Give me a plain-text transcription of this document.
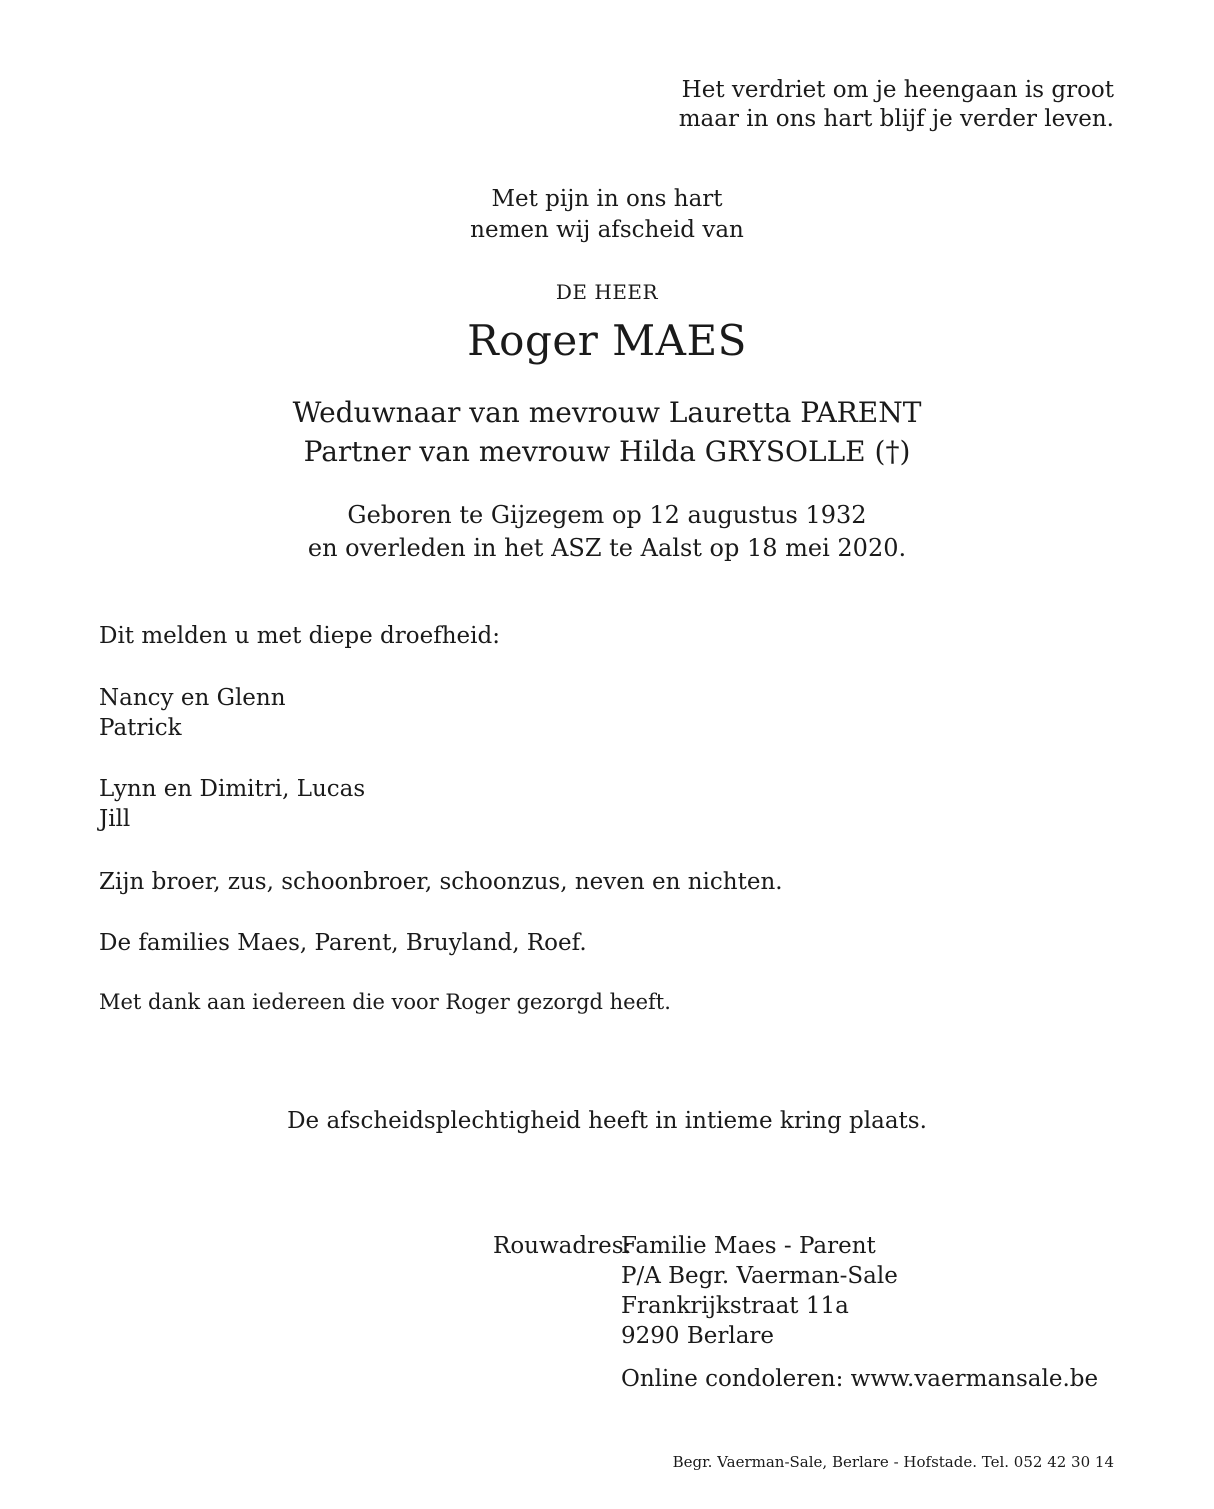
Het verdriet om je heengaan is groot
maar in ons hart blijf je verder leven.
Met pijn in ons hart
nemen wij afscheid van
DE HEER
Roger MAES
Weduwnaar van mevrouw Lauretta PARENT
Partner van mevrouw Hilda GRYSOLLE (†)
Geboren te Gijzegem op 12 augustus 1932
en overleden in het ASZ te Aalst op 18 mei 2020.
Dit melden u met diepe droefheid:
Nancy en Glenn
Patrick
Lynn en Dimitri, Lucas
Jill
Zijn broer, zus, schoonbroer, schoonzus, neven en nichten.
De families Maes, Parent, Bruyland, Roef.
Met dank aan iedereen die voor Roger gezorgd heeft.
De afscheidsplechtigheid heeft in intieme kring plaats.
Rouwadres:
Familie Maes - Parent
P/A Begr. Vaerman-Sale
Frankrijkstraat 11a
9290 Berlare
Online condoleren: www.vaermansale.be
Begr. Vaerman-Sale, Berlare - Hofstade. Tel. 052 42 30 14
